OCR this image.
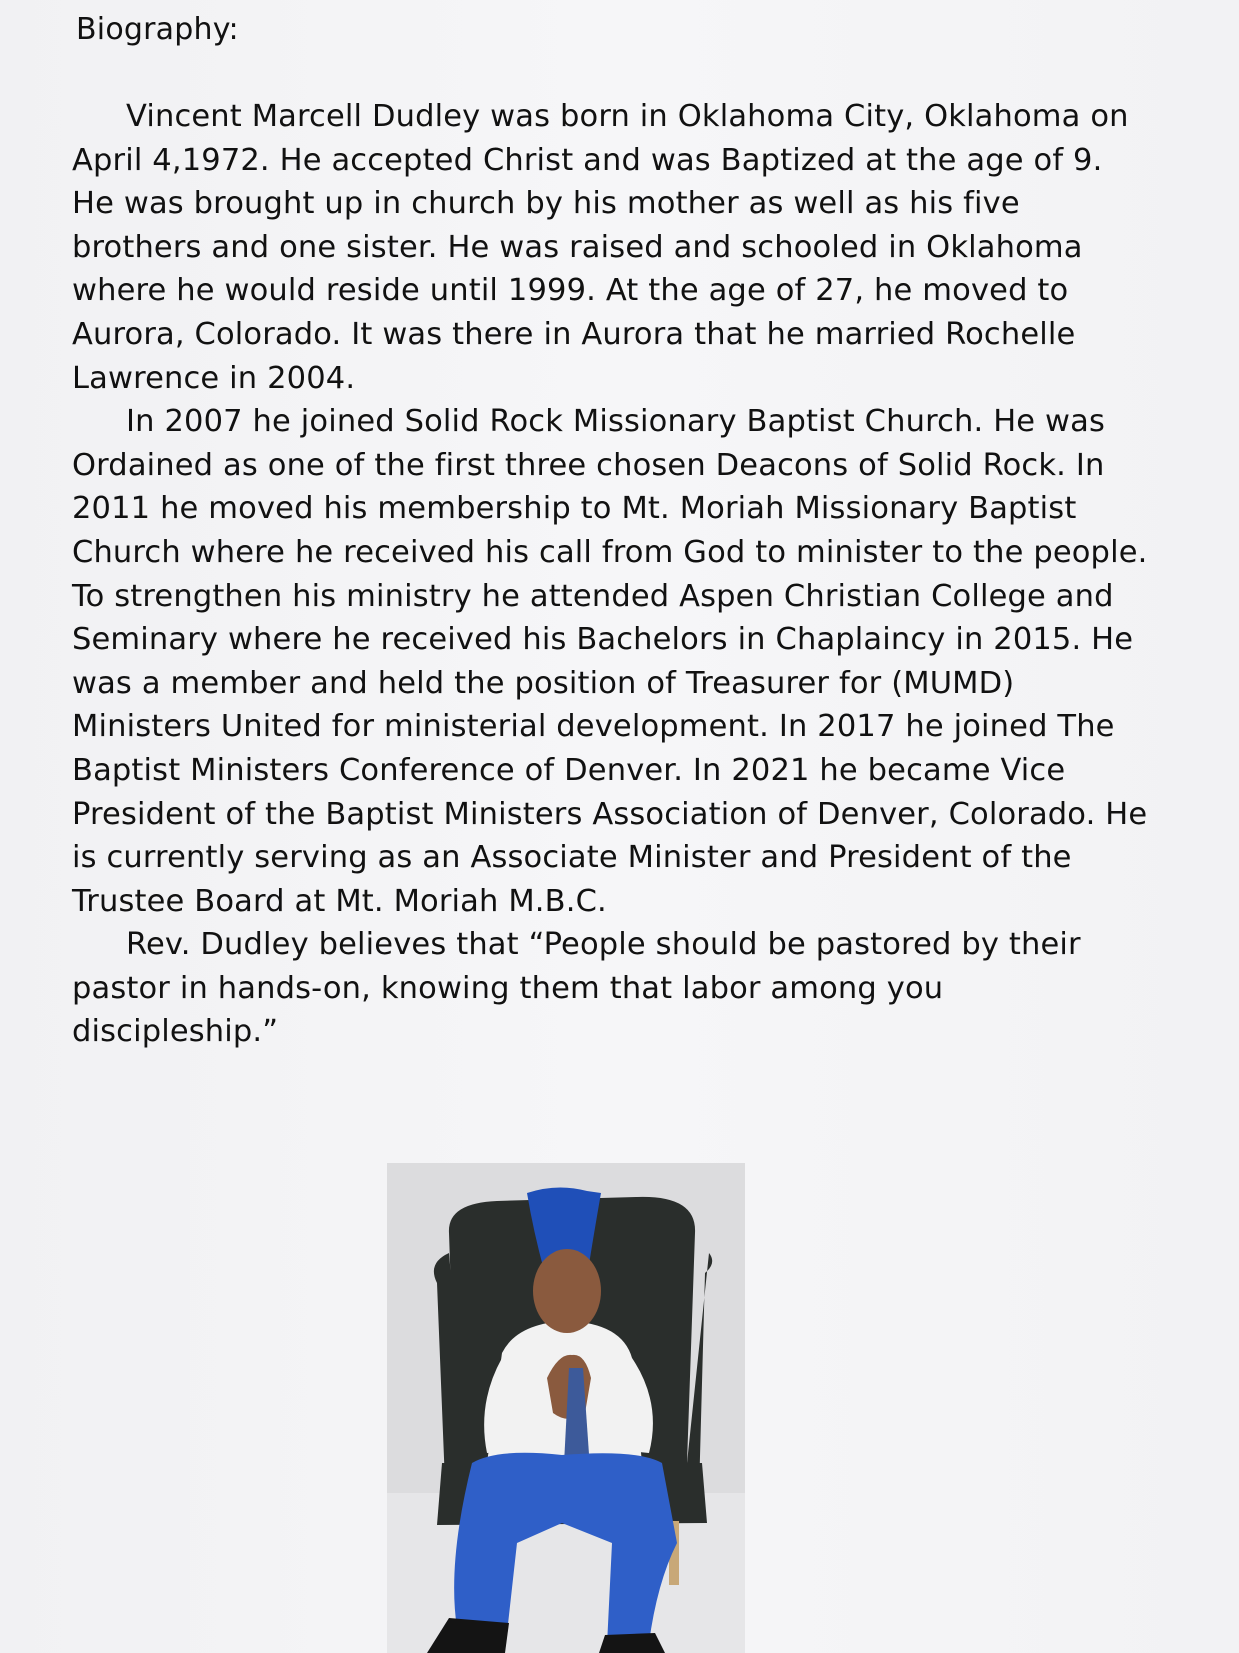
Biography:

Vincent Marcell Dudley was born in Oklahoma City, Oklahoma on April 4,1972. He accepted Christ and was Baptized at the age of 9. He was brought up in church by his mother as well as his five brothers and one sister. He was raised and schooled in Oklahoma where he would reside until 1999. At the age of 27, he moved to Aurora, Colorado. It was there in Aurora that he married Rochelle Lawrence in 2004.

In 2007 he joined Solid Rock Missionary Baptist Church. He was Ordained as one of the first three chosen Deacons of Solid Rock. In 2011 he moved his membership to Mt. Moriah Missionary Baptist Church where he received his call from God to minister to the people. To strengthen his ministry he attended Aspen Christian College and Seminary where he received his Bachelors in Chaplaincy in 2015. He was a member and held the position of Treasurer for (MUMD) Ministers United for ministerial development. In 2017 he joined The Baptist Ministers Conference of Denver. In 2021 he became Vice President of the Baptist Ministers Association of Denver, Colorado. He is currently serving as an Associate Minister and President of the Trustee Board at Mt. Moriah M.B.C.

Rev. Dudley believes that “People should be pastored by their pastor in hands-on, knowing them that labor among you discipleship.”
